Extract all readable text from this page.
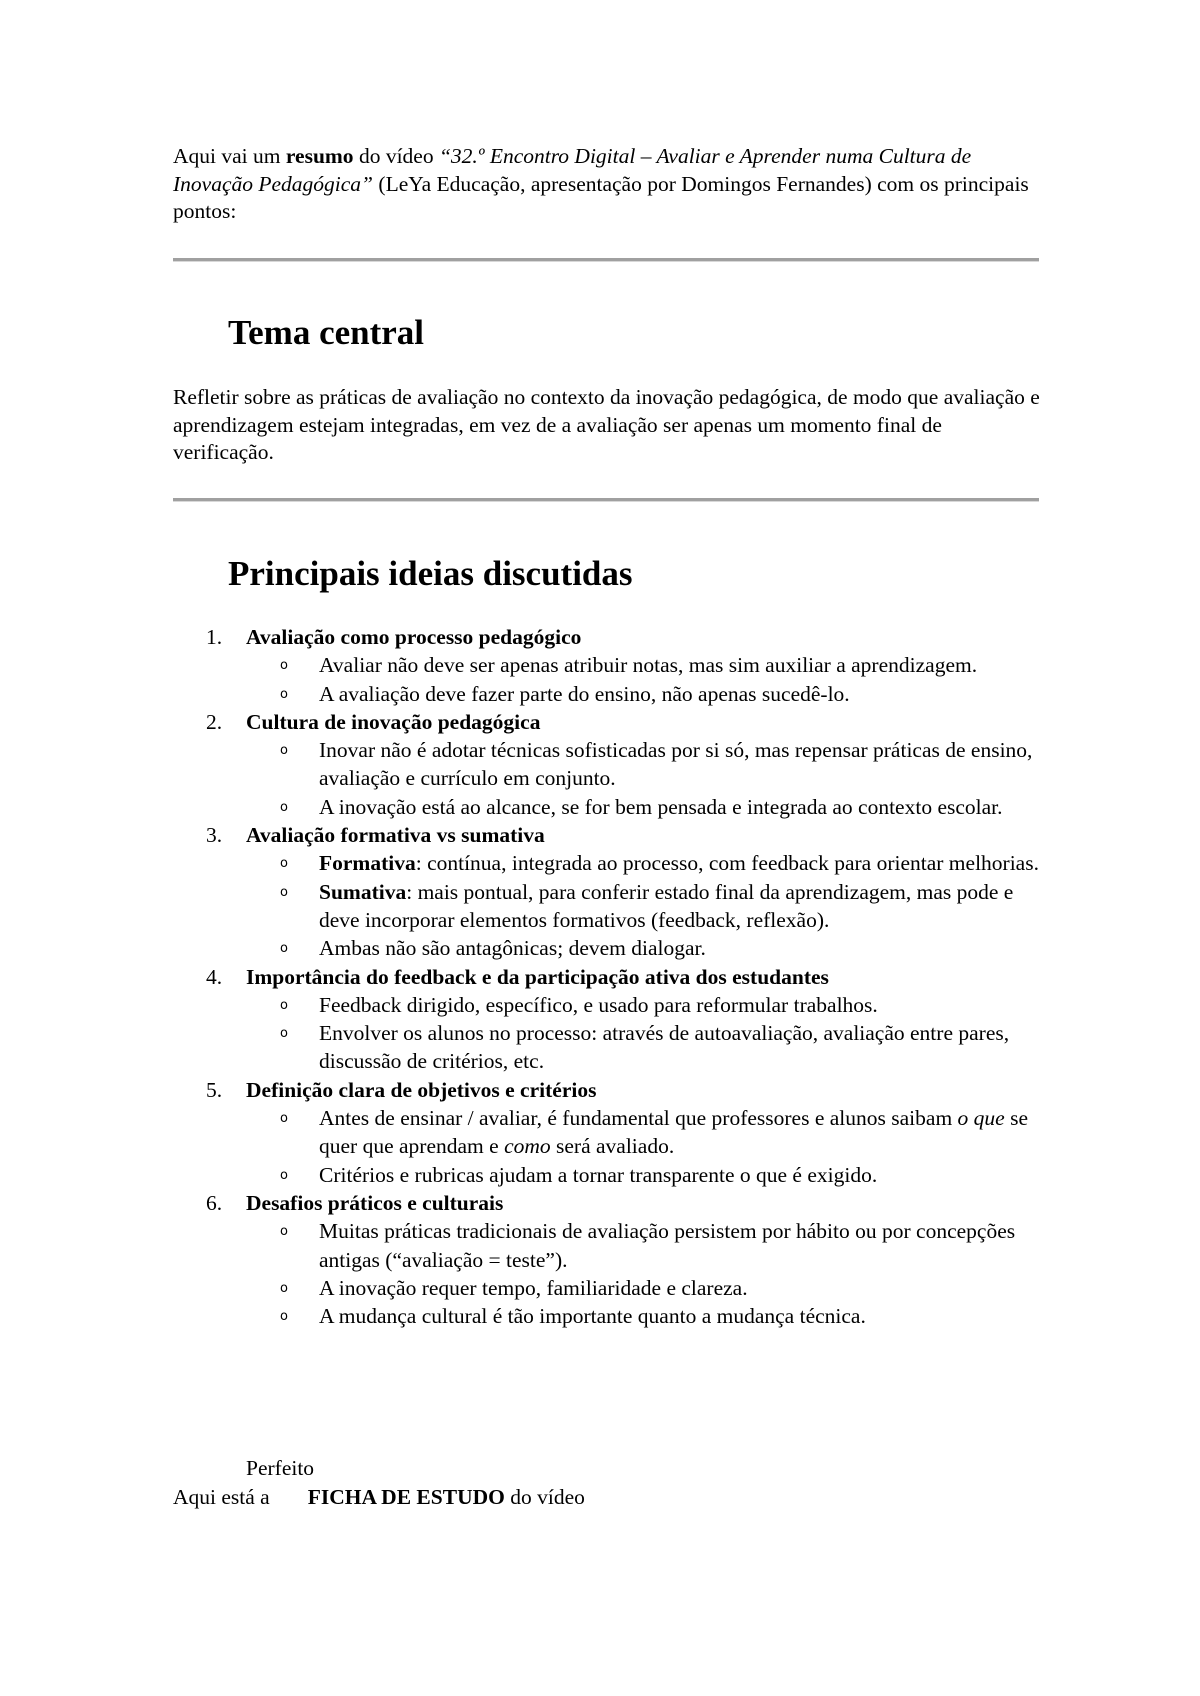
Aqui vai um resumo do vídeo “32.º Encontro Digital – Avaliar e Aprender numa Cultura de Inovação Pedagógica” (LeYa Educação, apresentação por Domingos Fernandes) com os principais pontos:

Tema central

Refletir sobre as práticas de avaliação no contexto da inovação pedagógica, de modo que avaliação e aprendizagem estejam integradas, em vez de a avaliação ser apenas um momento final de verificação.

Principais ideias discutidas
1. Avaliação como processo pedagógico
o Avaliar não deve ser apenas atribuir notas, mas sim auxiliar a aprendizagem.
o A avaliação deve fazer parte do ensino, não apenas sucedê-lo.
2. Cultura de inovação pedagógica
o Inovar não é adotar técnicas sofisticadas por si só, mas repensar práticas de ensino, avaliação e currículo em conjunto.
o A inovação está ao alcance, se for bem pensada e integrada ao contexto escolar.
3. Avaliação formativa vs sumativa
o Formativa: contínua, integrada ao processo, com feedback para orientar melhorias.
o Sumativa: mais pontual, para conferir estado final da aprendizagem, mas pode e deve incorporar elementos formativos (feedback, reflexão).
o Ambas não são antagônicas; devem dialogar.
4. Importância do feedback e da participação ativa dos estudantes
o Feedback dirigido, específico, e usado para reformular trabalhos.
o Envolver os alunos no processo: através de autoavaliação, avaliação entre pares, discussão de critérios, etc.
5. Definição clara de objetivos e critérios
o Antes de ensinar / avaliar, é fundamental que professores e alunos saibam o que se quer que aprendam e como será avaliado.
o Critérios e rubricas ajudam a tornar transparente o que é exigido.
6. Desafios práticos e culturais
o Muitas práticas tradicionais de avaliação persistem por hábito ou por concepções antigas (“avaliação = teste”).
o A inovação requer tempo, familiaridade e clareza.
o A mudança cultural é tão importante quanto a mudança técnica.
Perfeito
Aqui está a FICHA DE ESTUDO do vídeo
